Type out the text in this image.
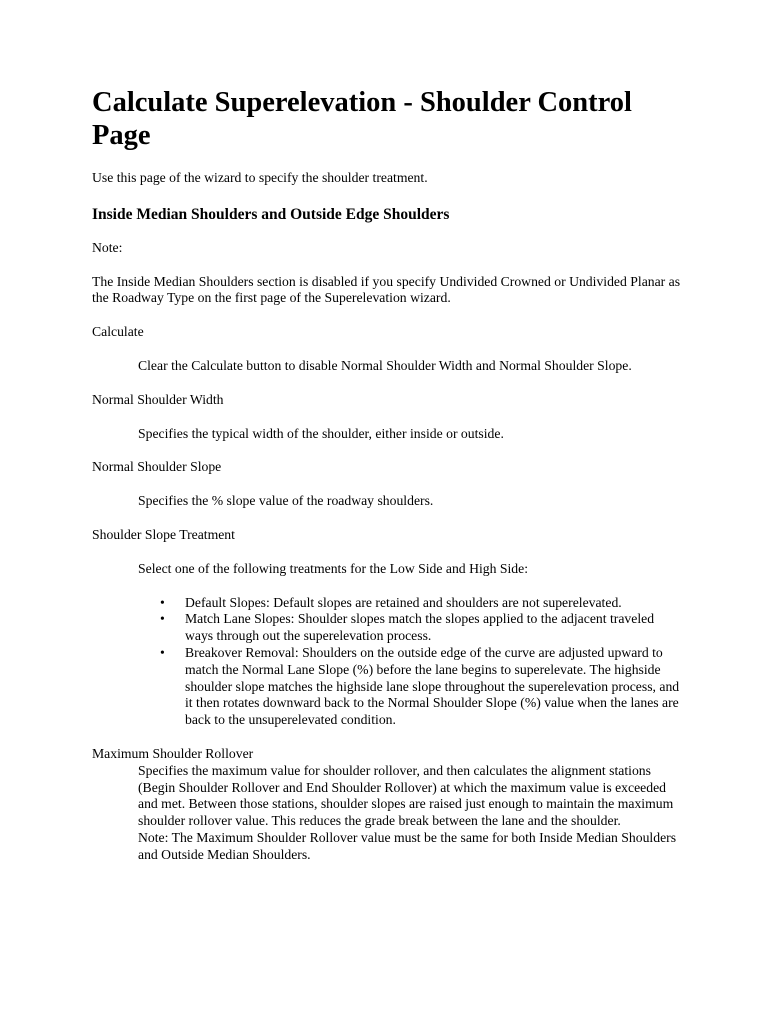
Calculate Superelevation - Shoulder Control Page

Use this page of the wizard to specify the shoulder treatment.

Inside Median Shoulders and Outside Edge Shoulders

Note:

The Inside Median Shoulders section is disabled if you specify Undivided Crowned or Undivided Planar as the Roadway Type on the first page of the Superelevation wizard.

Calculate

Clear the Calculate button to disable Normal Shoulder Width and Normal Shoulder Slope.

Normal Shoulder Width

Specifies the typical width of the shoulder, either inside or outside.

Normal Shoulder Slope

Specifies the % slope value of the roadway shoulders.

Shoulder Slope Treatment

Select one of the following treatments for the Low Side and High Side:

• Default Slopes: Default slopes are retained and shoulders are not superelevated.
• Match Lane Slopes: Shoulder slopes match the slopes applied to the adjacent traveled ways through out the superelevation process.
• Breakover Removal: Shoulders on the outside edge of the curve are adjusted upward to match the Normal Lane Slope (%) before the lane begins to superelevate. The highside shoulder slope matches the highside lane slope throughout the superelevation process, and it then rotates downward back to the Normal Shoulder Slope (%) value when the lanes are back to the unsuperelevated condition.

Maximum Shoulder Rollover

Specifies the maximum value for shoulder rollover, and then calculates the alignment stations (Begin Shoulder Rollover and End Shoulder Rollover) at which the maximum value is exceeded and met. Between those stations, shoulder slopes are raised just enough to maintain the maximum shoulder rollover value. This reduces the grade break between the lane and the shoulder.

Note: The Maximum Shoulder Rollover value must be the same for both Inside Median Shoulders and Outside Median Shoulders.
